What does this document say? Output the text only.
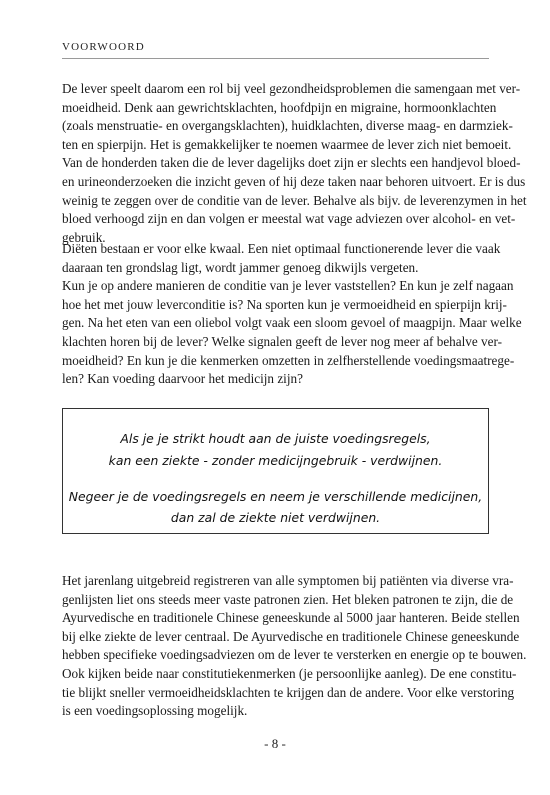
VOORWOORD
De lever speelt daarom een rol bij veel gezondheidsproblemen die samengaan met ver-
moeidheid. Denk aan gewrichtsklachten, hoofdpijn en migraine, hormoonklachten
(zoals menstruatie- en overgangsklachten), huidklachten, diverse maag- en darmziek-
ten en spierpijn. Het is gemakkelijker te noemen waarmee de lever zich niet bemoeit.
Van de honderden taken die de lever dagelijks doet zijn er slechts een handjevol bloed-
en urineonderzoeken die inzicht geven of hij deze taken naar behoren uitvoert. Er is dus
weinig te zeggen over de conditie van de lever. Behalve als bijv. de leverenzymen in het
bloed verhoogd zijn en dan volgen er meestal wat vage adviezen over alcohol- en vet-
gebruik.
Diëten bestaan er voor elke kwaal. Een niet optimaal functionerende lever die vaak
daaraan ten grondslag ligt, wordt jammer genoeg dikwijls vergeten.
Kun je op andere manieren de conditie van je lever vaststellen? En kun je zelf nagaan
hoe het met jouw leverconditie is? Na sporten kun je vermoeidheid en spierpijn krij-
gen. Na het eten van een oliebol volgt vaak een sloom gevoel of maagpijn. Maar welke
klachten horen bij de lever? Welke signalen geeft de lever nog meer af behalve ver-
moeidheid? En kun je die kenmerken omzetten in zelfherstellende voedingsmaatrege-
len? Kan voeding daarvoor het medicijn zijn?
Als je je strikt houdt aan de juiste voedingsregels,
kan een ziekte - zonder medicijngebruik - verdwijnen.
Negeer je de voedingsregels en neem je verschillende medicijnen,
dan zal de ziekte niet verdwijnen.
Het jarenlang uitgebreid registreren van alle symptomen bij patiënten via diverse vra-
genlijsten liet ons steeds meer vaste patronen zien. Het bleken patronen te zijn, die de
Ayurvedische en traditionele Chinese geneeskunde al 5000 jaar hanteren. Beide stellen
bij elke ziekte de lever centraal. De Ayurvedische en traditionele Chinese geneeskunde
hebben specifieke voedingsadviezen om de lever te versterken en energie op te bouwen.
Ook kijken beide naar constitutiekenmerken (je persoonlijke aanleg). De ene constitu-
tie blijkt sneller vermoeidheidsklachten te krijgen dan de andere. Voor elke verstoring
is een voedingsoplossing mogelijk.
- 8 -
